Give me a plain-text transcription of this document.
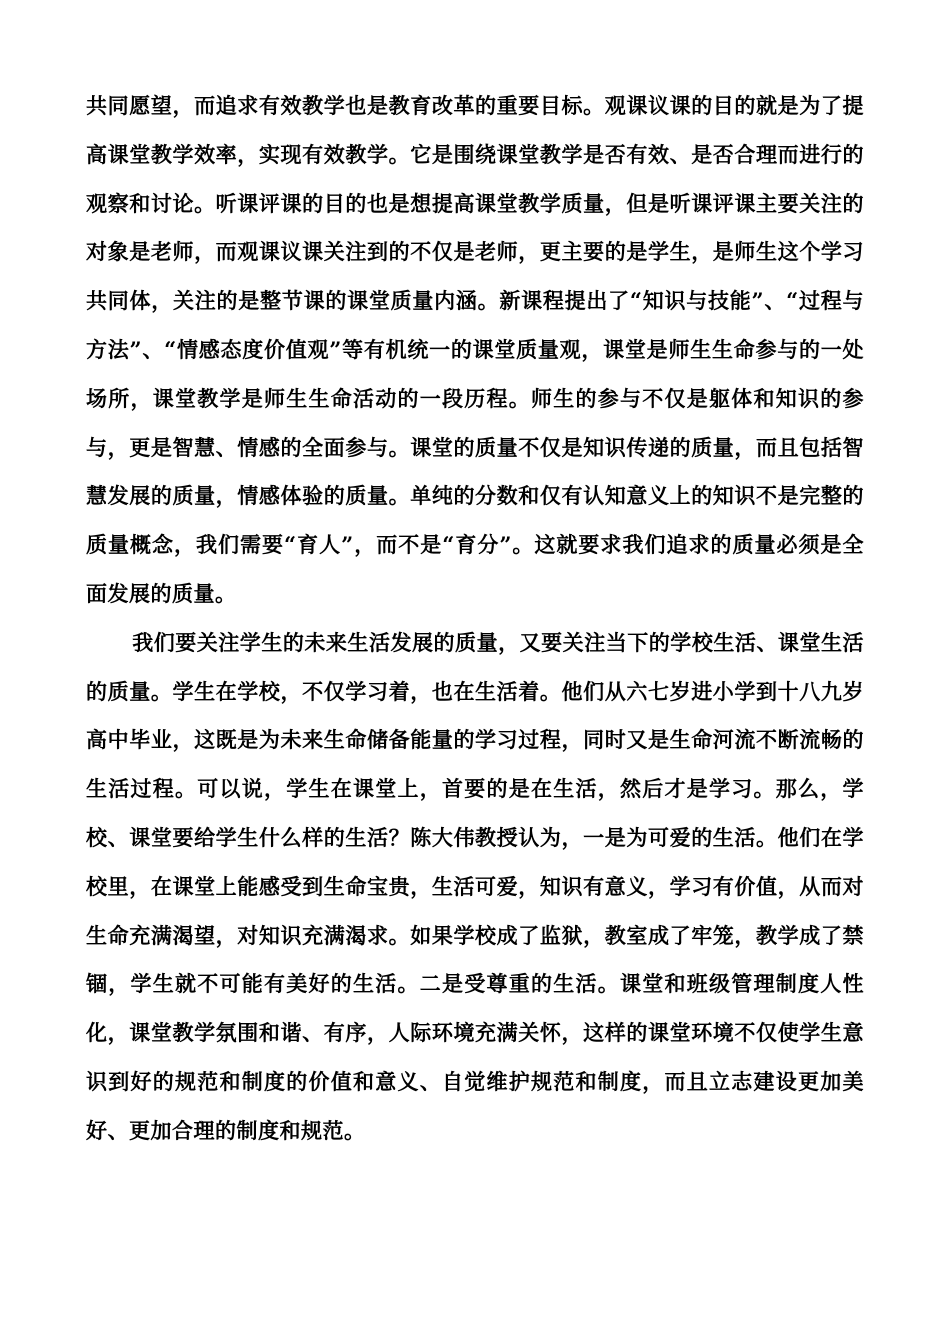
共同愿望，而追求有效教学也是教育改革的重要目标。观课议课的目的就是为了提高课堂教学效率，实现有效教学。它是围绕课堂教学是否有效、是否合理而进行的观察和讨论。听课评课的目的也是想提高课堂教学质量，但是听课评课主要关注的对象是老师，而观课议课关注到的不仅是老师，更主要的是学生，是师生这个学习共同体，关注的是整节课的课堂质量内涵。新课程提出了“知识与技能”、“过程与方法”、“情感态度价值观”等有机统一的课堂质量观，课堂是师生生命参与的一处场所，课堂教学是师生生命活动的一段历程。师生的参与不仅是躯体和知识的参与，更是智慧、情感的全面参与。课堂的质量不仅是知识传递的质量，而且包括智慧发展的质量，情感体验的质量。单纯的分数和仅有认知意义上的知识不是完整的质量概念，我们需要“育人”，而不是“育分”。这就要求我们追求的质量必须是全面发展的质量。

我们要关注学生的未来生活发展的质量，又要关注当下的学校生活、课堂生活的质量。学生在学校，不仅学习着，也在生活着。他们从六七岁进小学到十八九岁高中毕业，这既是为未来生命储备能量的学习过程，同时又是生命河流不断流畅的生活过程。可以说，学生在课堂上，首要的是在生活，然后才是学习。那么，学校、课堂要给学生什么样的生活？陈大伟教授认为，一是为可爱的生活。他们在学校里，在课堂上能感受到生命宝贵，生活可爱，知识有意义，学习有价值，从而对生命充满渴望，对知识充满渴求。如果学校成了监狱，教室成了牢笼，教学成了禁锢，学生就不可能有美好的生活。二是受尊重的生活。课堂和班级管理制度人性化，课堂教学氛围和谐、有序，人际环境充满关怀，这样的课堂环境不仅使学生意识到好的规范和制度的价值和意义、自觉维护规范和制度，而且立志建设更加美好、更加合理的制度和规范。
